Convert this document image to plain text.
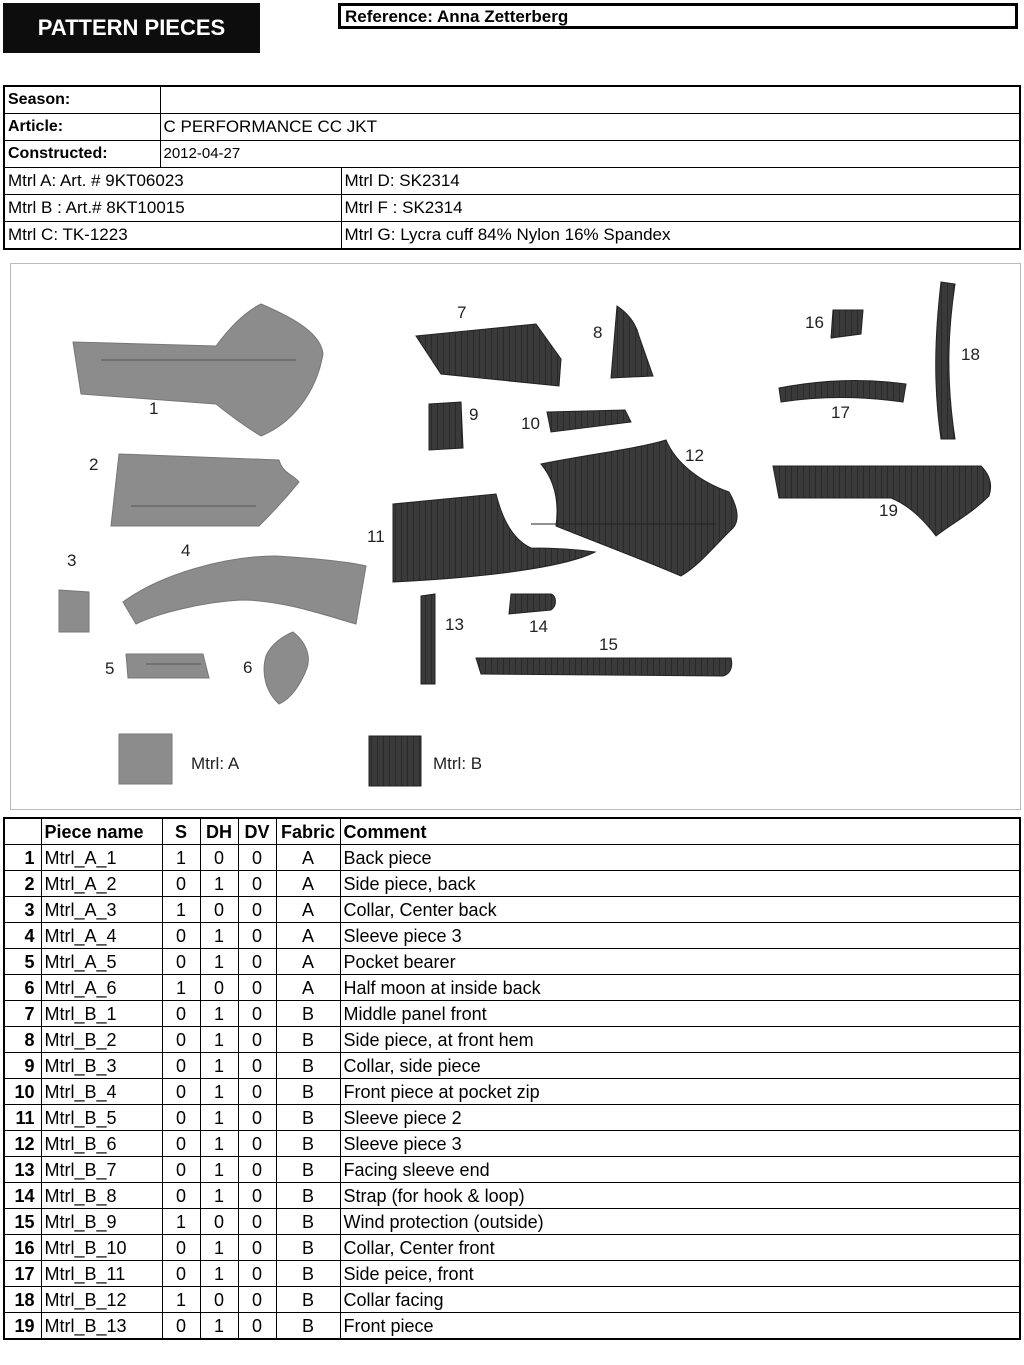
PATTERN PIECES	Reference: Anna Zetterberg
Season:		
Article:	C PERFORMANCE CC JKT	
Constructed:	2012-04-27	
Mtrl A: Art. # 9KT06023		Mtrl D: SK2314
Mtrl B : Art.# 8KT10015		Mtrl F : SK2314
Mtrl C: TK-1223		Mtrl G: Lycra cuff 84% Nylon 16% Spandex
1
2
3
4
5	6
7
8
9	10
11
12
13	14
15
16
17
18
19
Mtrl: A	Mtrl: B
	Piece name	S	DH	DV	Fabric	Comment
1	Mtrl_A_1	1	0	0	A	Back piece
2	Mtrl_A_2	0	1	0	A	Side piece, back
3	Mtrl_A_3	1	0	0	A	Collar, Center back
4	Mtrl_A_4	0	1	0	A	Sleeve piece 3
5	Mtrl_A_5	0	1	0	A	Pocket bearer
6	Mtrl_A_6	1	0	0	A	Half moon at inside back
7	Mtrl_B_1	0	1	0	B	Middle panel front
8	Mtrl_B_2	0	1	0	B	Side piece, at front hem
9	Mtrl_B_3	0	1	0	B	Collar, side piece
10	Mtrl_B_4	0	1	0	B	Front piece at pocket zip
11	Mtrl_B_5	0	1	0	B	Sleeve piece 2
12	Mtrl_B_6	0	1	0	B	Sleeve piece 3
13	Mtrl_B_7	0	1	0	B	Facing sleeve end
14	Mtrl_B_8	0	1	0	B	Strap (for hook & loop)
15	Mtrl_B_9	1	0	0	B	Wind protection (outside)
16	Mtrl_B_10	0	1	0	B	Collar, Center front
17	Mtrl_B_11	0	1	0	B	Side peice, front
18	Mtrl_B_12	1	0	0	B	Collar facing
19	Mtrl_B_13	0	1	0	B	Front piece
